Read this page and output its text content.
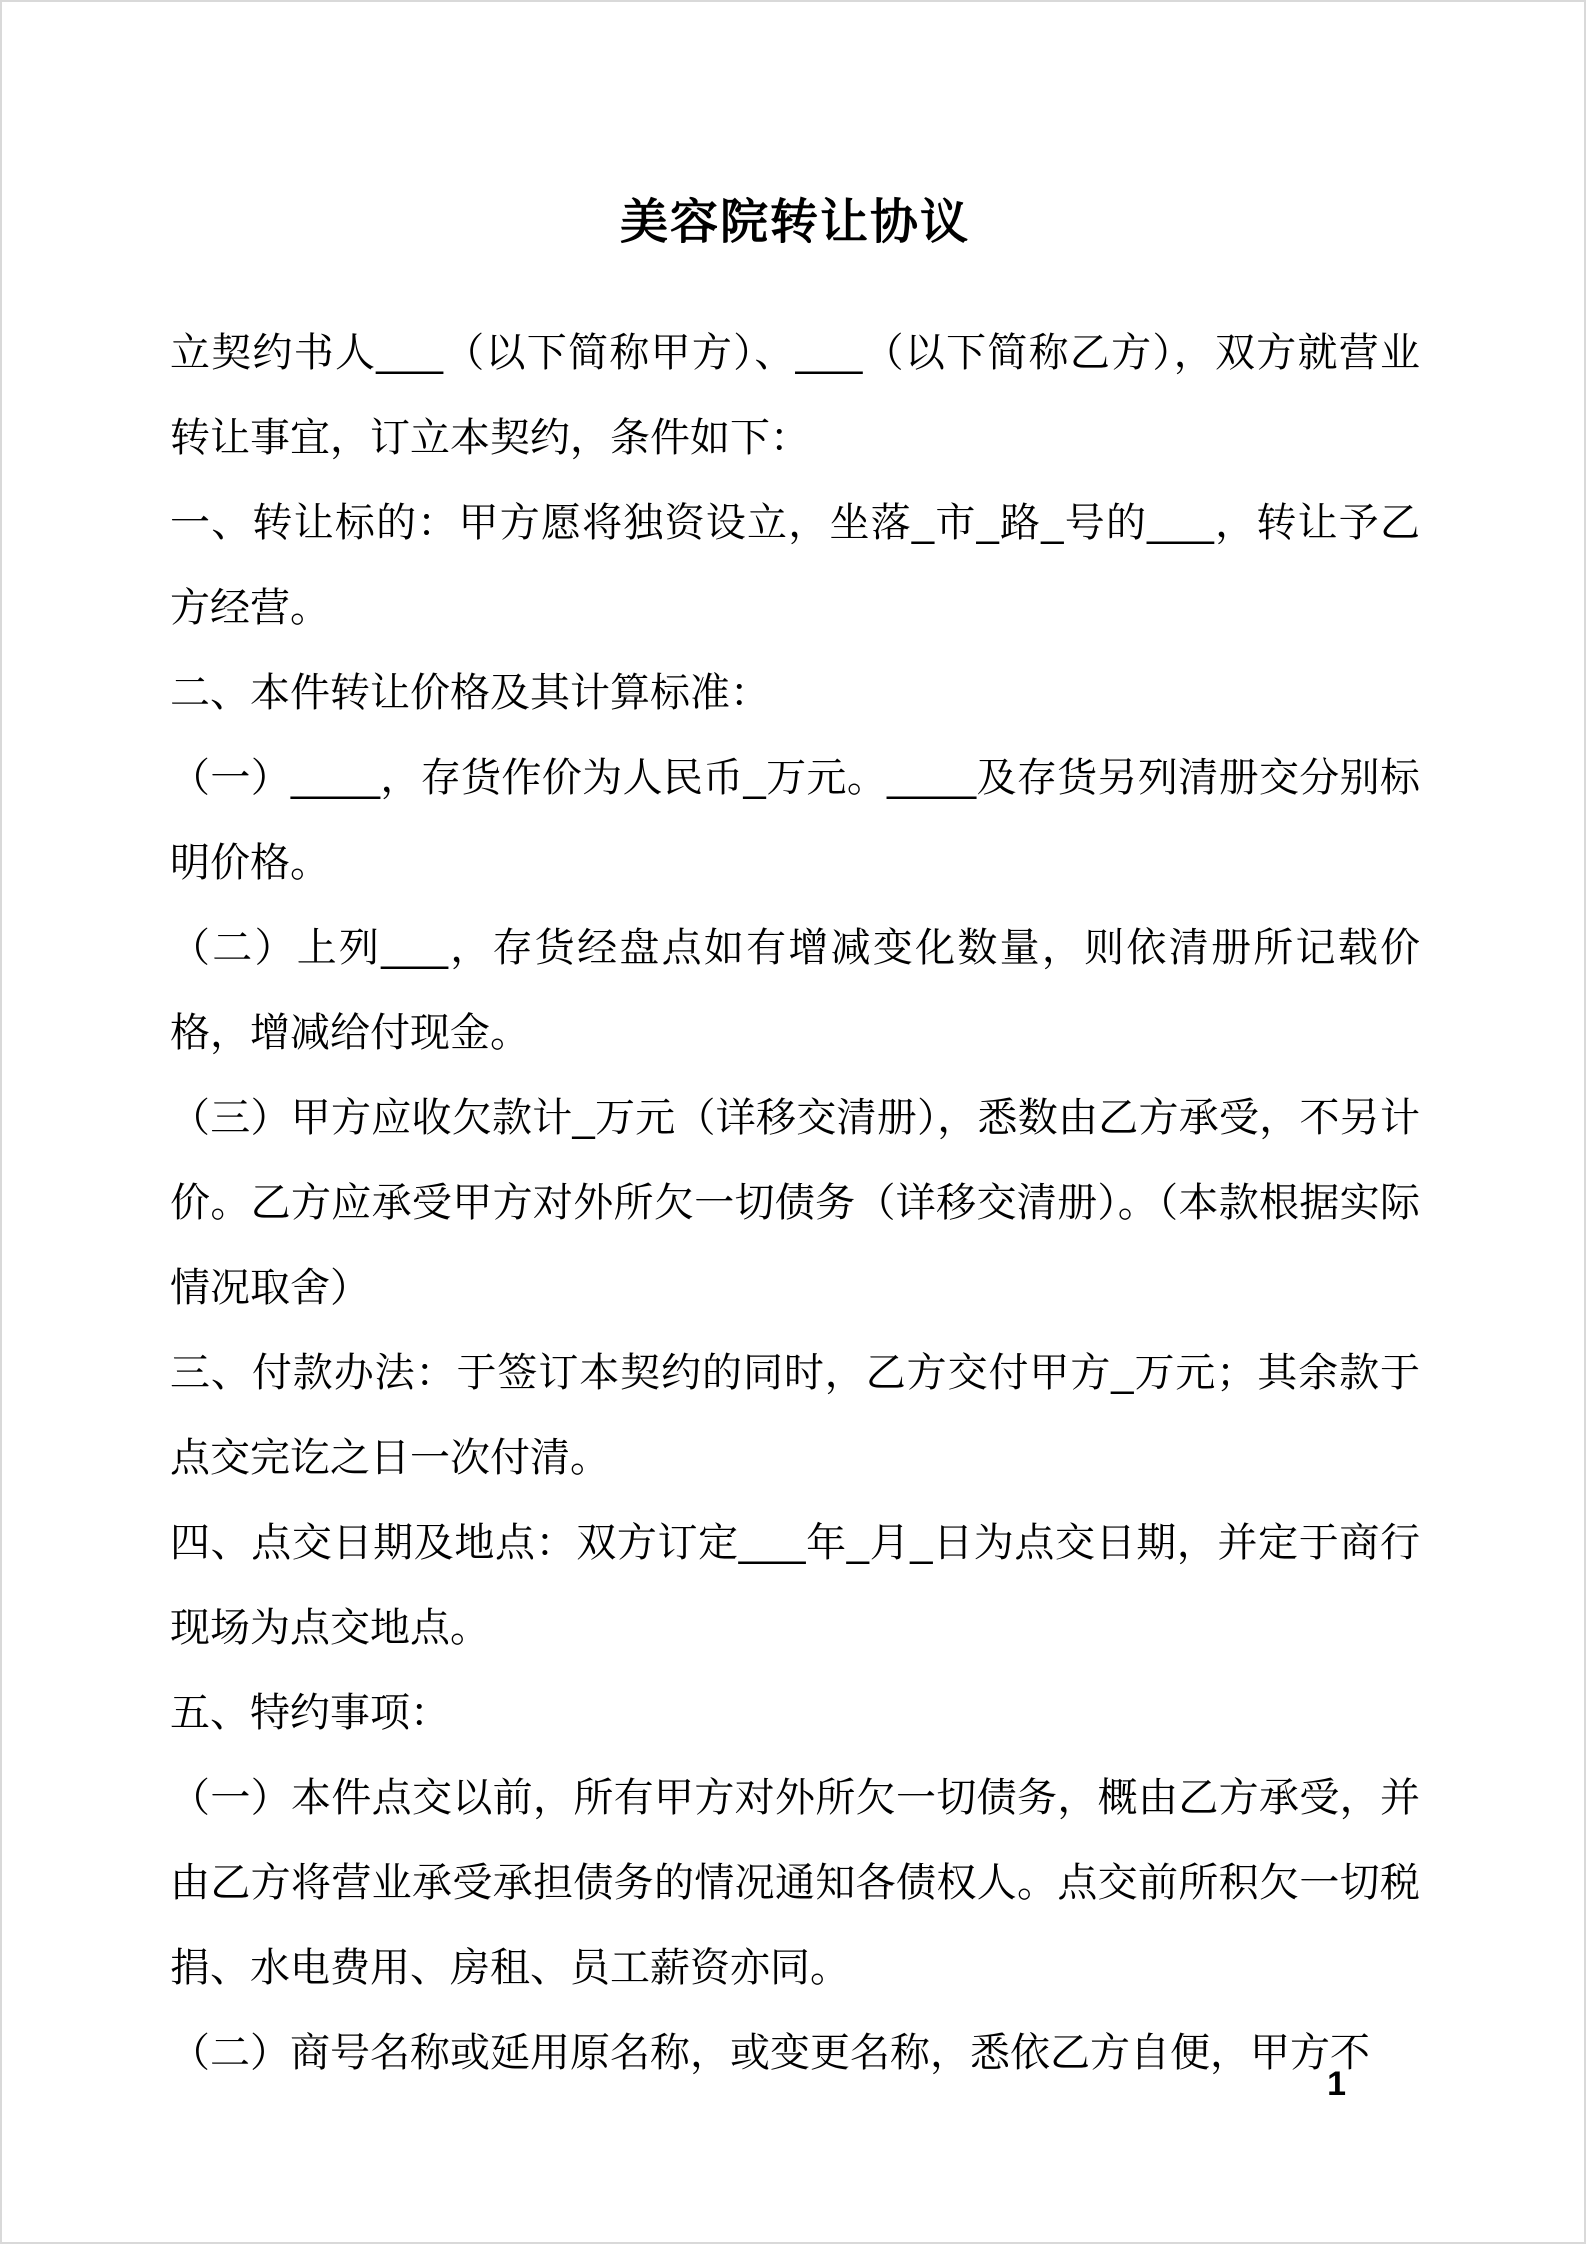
美容院转让协议

立契约书人___（以下简称甲方）、___（以下简称乙方），双方就营业转让事宜，订立本契约，条件如下：

一、转让标的：甲方愿将独资设立，坐落_市_路_号的___，转让予乙方经营。

二、本件转让价格及其计算标准：

（一）____，存货作价为人民币_万元。____及存货另列清册交分别标明价格。

（二）上列___，存货经盘点如有增减变化数量，则依清册所记载价格，增减给付现金。

（三）甲方应收欠款计_万元（详移交清册），悉数由乙方承受，不另计价。乙方应承受甲方对外所欠一切债务（详移交清册）。（本款根据实际情况取舍）

三、付款办法：于签订本契约的同时，乙方交付甲方_万元；其余款于点交完讫之日一次付清。

四、点交日期及地点：双方订定___年_月_日为点交日期，并定于商行现场为点交地点。

五、特约事项：

（一）本件点交以前，所有甲方对外所欠一切债务，概由乙方承受，并由乙方将营业承受承担债务的情况通知各债权人。点交前所积欠一切税捐、水电费用、房租、员工薪资亦同。

（二）商号名称或延用原名称，或变更名称，悉依乙方自便，甲方不

1
